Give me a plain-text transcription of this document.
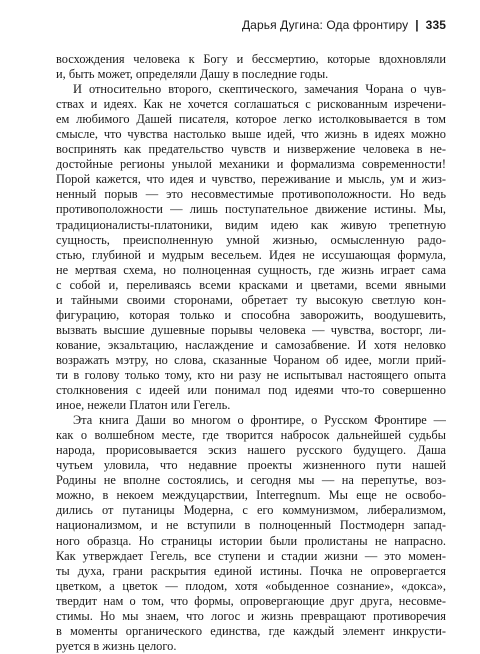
Дарья Дугина: Ода фронтиру | 335
восхождения человека к Богу и бессмертию, которые вдохновляли
и, быть может, определяли Дашу в последние годы.
И относительно второго, скептического, замечания Чорана о чув-
ствах и идеях. Как не хочется соглашаться с рискованным изречени-
ем любимого Дашей писателя, которое легко истолковывается в том
смысле, что чувства настолько выше идей, что жизнь в идеях можно
воспринять как предательство чувств и низвержение человека в не-
достойные регионы унылой механики и формализма современности!
Порой кажется, что идея и чувство, переживание и мысль, ум и жиз-
ненный порыв — это несовместимые противоположности. Но ведь
противоположности — лишь поступательное движение истины. Мы,
традиционалисты-платоники, видим идею как живую трепетную
сущность, преисполненную умной жизнью, осмысленную радо-
стью, глубиной и мудрым весельем. Идея не иссушающая формула,
не мертвая схема, но полноценная сущность, где жизнь играет сама
с собой и, переливаясь всеми красками и цветами, всеми явными
и тайными своими сторонами, обретает ту высокую светлую кон-
фигурацию, которая только и способна заворожить, воодушевить,
вызвать высшие душевные порывы человека — чувства, восторг, ли-
кование, экзальтацию, наслаждение и самозабвение. И хотя неловко
возражать мэтру, но слова, сказанные Чораном об идее, могли прий-
ти в голову только тому, кто ни разу не испытывал настоящего опыта
столкновения с идеей или понимал под идеями что-то совершенно
иное, нежели Платон или Гегель.
Эта книга Даши во многом о фронтире, о Русском Фронтире —
как о волшебном месте, где творится набросок дальнейшей судьбы
народа, прорисовывается эскиз нашего русского будущего. Даша
чутьем уловила, что недавние проекты жизненного пути нашей
Родины не вполне состоялись, и сегодня мы — на перепутье, воз-
можно, в некоем междуцарствии, Interregnum. Мы еще не освобо-
дились от путаницы Модерна, с его коммунизмом, либерализмом,
национализмом, и не вступили в полноценный Постмодерн запад-
ного образца. Но страницы истории были пролистаны не напрасно.
Как утверждает Гегель, все ступени и стадии жизни — это момен-
ты духа, грани раскрытия единой истины. Почка не опровергается
цветком, а цветок — плодом, хотя «обыденное сознание», «докса»,
твердит нам о том, что формы, опровергающие друг друга, несовме-
стимы. Но мы знаем, что логос и жизнь превращают противоречия
в моменты органического единства, где каждый элемент инкрусти-
руется в жизнь целого.
